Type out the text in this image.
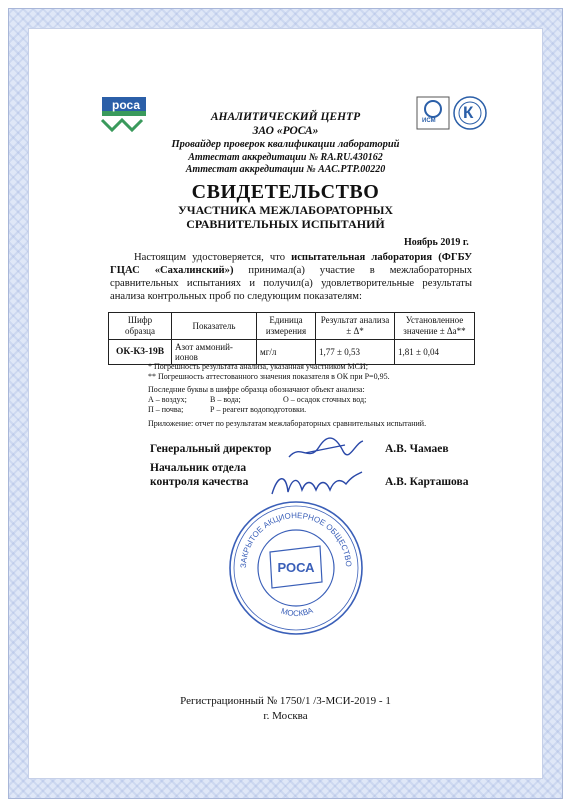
роса
ИСМ К
АНАЛИТИЧЕСКИЙ ЦЕНТР
ЗАО «РОСА»
Провайдер проверок квалификации лабораторий
Аттестат аккредитации № RA.RU.430162
Аттестат аккредитации № ААС.РТР.00220
СВИДЕТЕЛЬСТВО
УЧАСТНИКА МЕЖЛАБОРАТОРНЫХ
СРАВНИТЕЛЬНЫХ ИСПЫТАНИЙ
Ноябрь 2019 г.
Настоящим удостоверяется, что испытательная лаборатория (ФГБУ ГЦАС «Сахалинский») принимал(а) участие в межлабораторных сравнительных испытаниях и получил(а) удовлетворительные результаты анализа контрольных проб по следующим показателям:
Шифр образца	Показатель	Единица измерения	Результат анализа ± Δ*	Установленное значение ± Δа**
ОК-К3-19В	Азот аммоний-ионов	мг/л	1,77 ± 0,53	1,81 ± 0,04
* Погрешность результата анализа, указанная участником МСИ;
** Погрешность аттестованного значения показателя в ОК при Р=0,95.
Последние буквы в шифре образца обозначают объект анализа:
А – воздух;	В – вода;	О – осадок сточных вод;
П – почва;	Р – реагент водоподготовки.
Приложение: отчет по результатам межлабораторных сравнительных испытаний.
Генеральный директор	А.В. Чамаев
Начальник отдела
контроля качества	А.В. Карташова
ЗАКРЫТОЕ АКЦИОНЕРНОЕ ОБЩЕСТВО
МОСКВА
РОСА
Регистрационный № 1750/1 /3-МСИ-2019 - 1
г. Москва
